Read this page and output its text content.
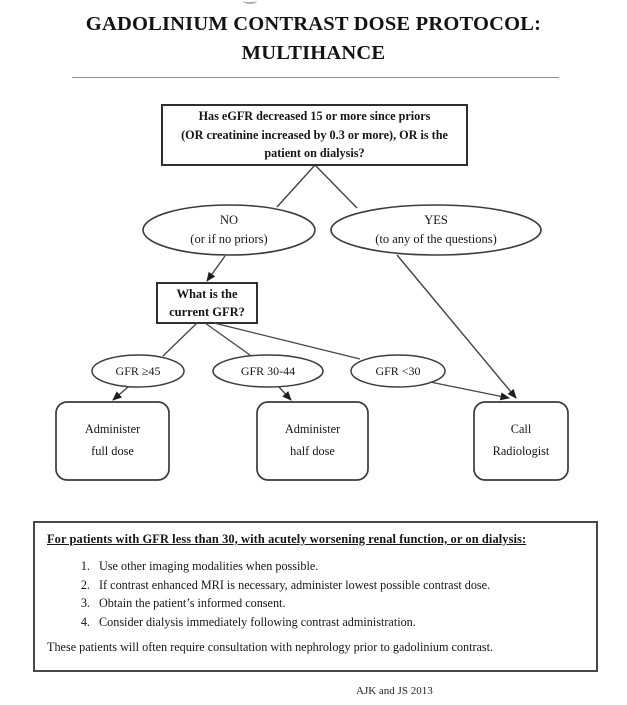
GADOLINIUM CONTRAST DOSE PROTOCOL:
MULTIHANCE
Has eGFR decreased 15 or more since priors
(OR creatinine increased by 0.3 or more), OR is the
patient on dialysis?
NO
(or if no priors)
YES
(to any of the questions)
What is the
current GFR?
GFR ≥45	GFR 30-44	GFR <30
Administer
full dose
Administer
half dose
Call
Radiologist
For patients with GFR less than 30, with acutely worsening renal function, or on dialysis:
1. Use other imaging modalities when possible.
2. If contrast enhanced MRI is necessary, administer lowest possible contrast dose.
3. Obtain the patient’s informed consent.
4. Consider dialysis immediately following contrast administration.
These patients will often require consultation with nephrology prior to gadolinium contrast.
AJK and JS 2013
